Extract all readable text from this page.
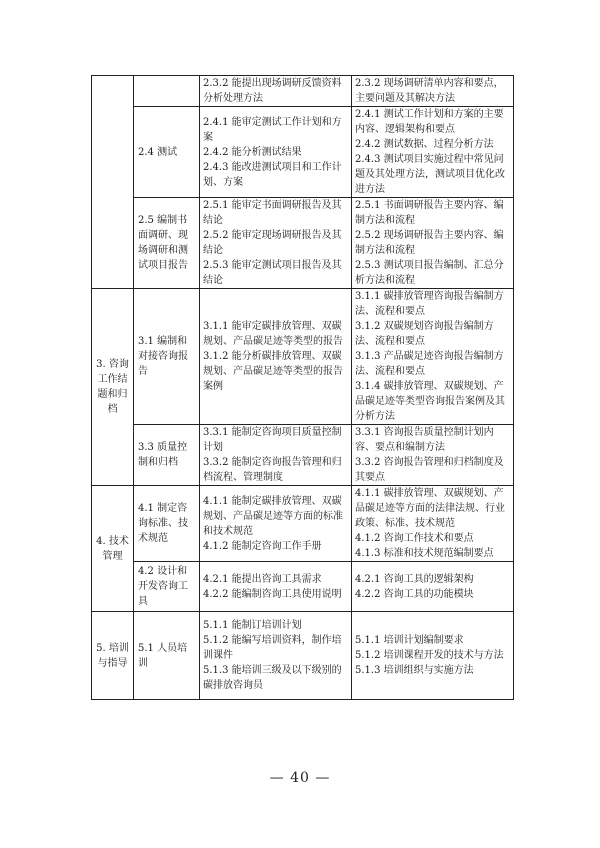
		2.3.2 能提出现场调研反馈资料分析处理方法	2.3.2 现场调研清单内容和要点，主要问题及其解决方法

	2.4 测试	2.4.1 能审定测试工作计划和方案
2.4.2 能分析测试结果
2.4.3 能改进测试项目和工作计划、方案	2.4.1 测试工作计划和方案的主要内容、逻辑架构和要点
2.4.2 测试数据、过程分析方法
2.4.3 测试项目实施过程中常见问题及其处理方法，测试项目优化改进方法

	2.5 编制书面调研、现场调研和测试项目报告	2.5.1 能审定书面调研报告及其结论
2.5.2 能审定现场调研报告及其结论
2.5.3 能审定测试项目报告及其结论	2.5.1 书面调研报告主要内容、编制方法和流程
2.5.2 现场调研报告主要内容、编制方法和流程
2.5.3 测试项目报告编制、汇总分析方法和流程

3. 咨询工作结题和归档	3.1 编制和对接咨询报告	3.1.1 能审定碳排放管理、双碳规划、产品碳足迹等类型的报告
3.1.2 能分析碳排放管理、双碳规划、产品碳足迹等类型的报告案例	3.1.1 碳排放管理咨询报告编制方法、流程和要点
3.1.2 双碳规划咨询报告编制方法、流程和要点
3.1.3 产品碳足迹咨询报告编制方法、流程和要点
3.1.4 碳排放管理、双碳规划、产品碳足迹等类型咨询报告案例及其分析方法

	3.3 质量控制和归档	3.3.1 能制定咨询项目质量控制计划
3.3.2 能制定咨询报告管理和归档流程、管理制度	3.3.1 咨询报告质量控制计划内容、要点和编制方法
3.3.2 咨询报告管理和归档制度及其要点

4. 技术管理	4.1 制定咨询标准、技术规范	4.1.1 能制定碳排放管理、双碳规划、产品碳足迹等方面的标准和技术规范
4.1.2 能制定咨询工作手册	4.1.1 碳排放管理、双碳规划、产品碳足迹等方面的法律法规、行业政策、标准、技术规范
4.1.2 咨询工作技术和要点
4.1.3 标准和技术规范编制要点

	4.2 设计和开发咨询工具	4.2.1 能提出咨询工具需求
4.2.2 能编制咨询工具使用说明	4.2.1 咨询工具的逻辑架构
4.2.2 咨询工具的功能模块

5. 培训与指导	5.1 人员培训	5.1.1 能制订培训计划
5.1.2 能编写培训资料，制作培训课件
5.1.3 能培训三级及以下级别的碳排放咨询员	5.1.1 培训计划编制要求
5.1.2 培训课程开发的技术与方法
5.1.3 培训组织与实施方法
— 40 —
